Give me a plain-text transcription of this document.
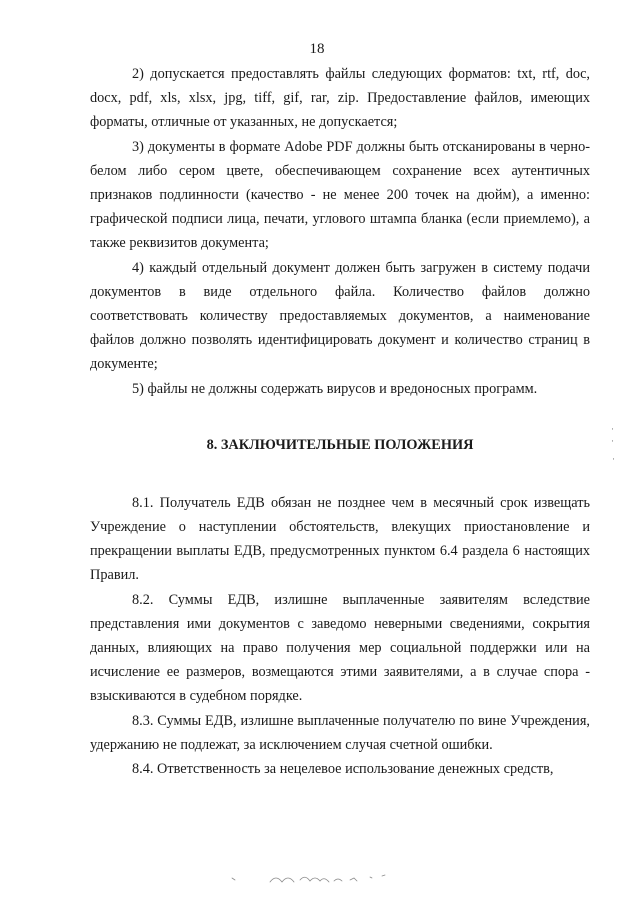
18

2) допускается предоставлять файлы следующих форматов: txt, rtf, doc, docx, pdf, xls, xlsx, jpg, tiff, gif, rar, zip. Предоставление файлов, имеющих форматы, отличные от указанных, не допускается;

3) документы в формате Adobe PDF должны быть отсканированы в черно-белом либо сером цвете, обеспечивающем сохранение всех аутентичных признаков подлинности (качество - не менее 200 точек на дюйм), а именно: графической подписи лица, печати, углового штампа бланка (если приемлемо), а также реквизитов документа;

4) каждый отдельный документ должен быть загружен в систему подачи документов в виде отдельного файла. Количество файлов должно соответствовать количеству предоставляемых документов, а наименование файлов должно позволять идентифицировать документ и количество страниц в документе;

5) файлы не должны содержать вирусов и вредоносных программ.

8. ЗАКЛЮЧИТЕЛЬНЫЕ ПОЛОЖЕНИЯ

8.1. Получатель ЕДВ обязан не позднее чем в месячный срок извещать Учреждение о наступлении обстоятельств, влекущих приостановление и прекращении выплаты ЕДВ, предусмотренных пунктом 6.4 раздела 6 настоящих Правил.

8.2. Суммы ЕДВ, излишне выплаченные заявителям вследствие представления ими документов с заведомо неверными сведениями, сокрытия данных, влияющих на право получения мер социальной поддержки или на исчисление ее размеров, возмещаются этими заявителями, а в случае спора - взыскиваются в судебном порядке.

8.3. Суммы ЕДВ, излишне выплаченные получателю по вине Учреждения, удержанию не подлежат, за исключением случая счетной ошибки.

8.4. Ответственность за нецелевое использование денежных средств,

·
·
·
